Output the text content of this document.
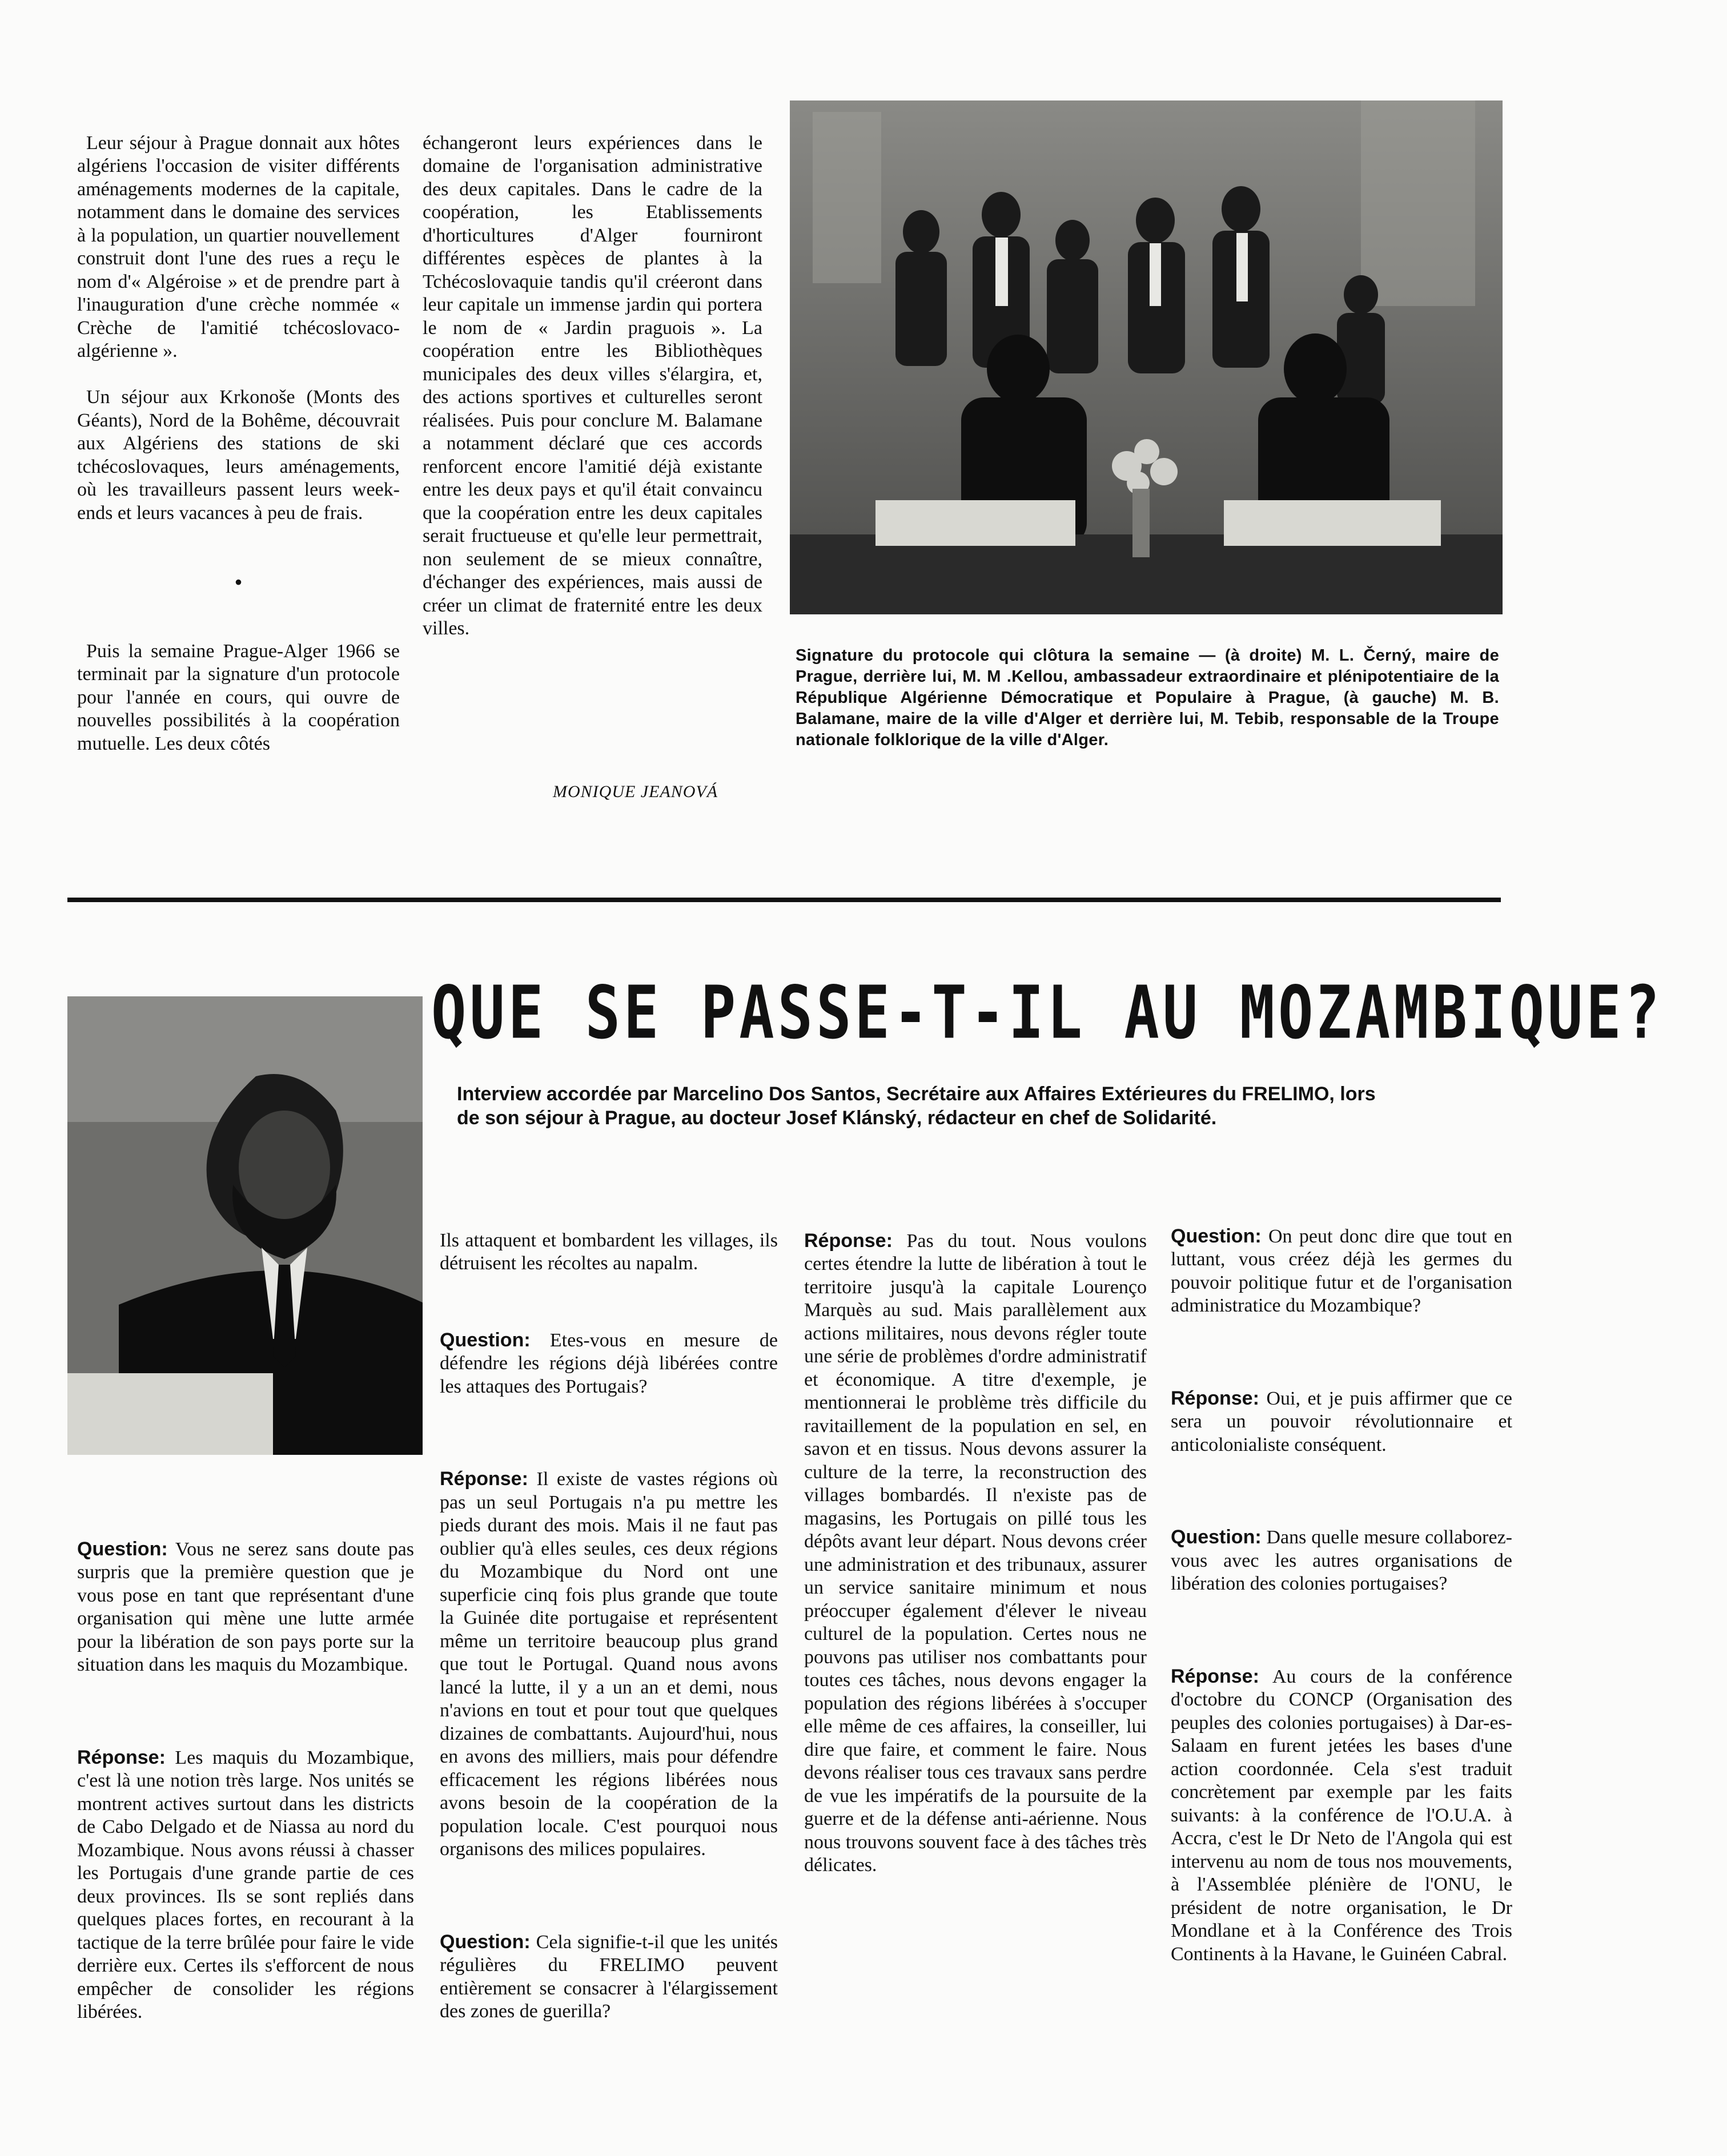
Leur séjour à Prague donnait aux hôtes algériens l'occasion de visiter différents aménagements modernes de la capitale, notamment dans le domaine des services à la population, un quartier nouvellement construit dont l'une des rues a reçu le nom d'« Algéroise » et de prendre part à l'inauguration d'une crèche nommée « Crèche de l'amitié tchécoslovaco-algérienne ».

Un séjour aux Krkonoše (Monts des Géants), Nord de la Bohême, découvrait aux Algériens des stations de ski tchécoslovaques, leurs aménagements, où les travailleurs passent leurs week-ends et leurs vacances à peu de frais.

•

Puis la semaine Prague-Alger 1966 se terminait par la signature d'un protocole pour l'année en cours, qui ouvre de nouvelles possibilités à la coopération mutuelle. Les deux côtés

échangeront leurs expériences dans le domaine de l'organisation administrative des deux capitales. Dans le cadre de la coopération, les Etablissements d'horticultures d'Alger fourniront différentes espèces de plantes à la Tchécoslovaquie tandis qu'il créeront dans leur capitale un immense jardin qui portera le nom de « Jardin praguois ». La coopération entre les Bibliothèques municipales des deux villes s'élargira, et, des actions sportives et culturelles seront réalisées. Puis pour conclure M. Balamane a notamment déclaré que ces accords renforcent encore l'amitié déjà existante entre les deux pays et qu'il était convaincu que la coopération entre les deux capitales serait fructueuse et qu'elle leur permettrait, non seulement de se mieux connaître, d'échanger des expériences, mais aussi de créer un climat de fraternité entre les deux villes.

MONIQUE JEANOVÁ
Signature du protocole qui clôtura la semaine — (à droite) M. L. Černý, maire de Prague, derrière lui, M. M .Kellou, ambassadeur extraordinaire et plénipotentiaire de la République Algérienne Démocratique et Populaire à Prague, (à gauche) M. B. Balamane, maire de la ville d'Alger et derrière lui, M. Tebib, responsable de la Troupe nationale folklorique de la ville d'Alger.
QUE SE PASSE-T-IL AU MOZAMBIQUE?
Interview accordée par Marcelino Dos Santos, Secrétaire aux Affaires Extérieures du FRELIMO, lors de son séjour à Prague, au docteur Josef Klánský, rédacteur en chef de Solidarité.

Question: Vous ne serez sans doute pas surpris que la première question que je vous pose en tant que représentant d'une organisation qui mène une lutte armée pour la libération de son pays porte sur la situation dans les maquis du Mozambique.

Réponse: Les maquis du Mozambique, c'est là une notion très large. Nos unités se montrent actives surtout dans les districts de Cabo Delgado et de Niassa au nord du Mozambique. Nous avons réussi à chasser les Portugais d'une grande partie de ces deux provinces. Ils se sont repliés dans quelques places fortes, en recourant à la tactique de la terre brûlée pour faire le vide derrière eux. Certes ils s'efforcent de nous empêcher de consolider les régions libérées.

Ils attaquent et bombardent les villages, ils détruisent les récoltes au napalm.

Question: Etes-vous en mesure de défendre les régions déjà libérées contre les attaques des Portugais?

Réponse: Il existe de vastes régions où pas un seul Portugais n'a pu mettre les pieds durant des mois. Mais il ne faut pas oublier qu'à elles seules, ces deux régions du Mozambique du Nord ont une superficie cinq fois plus grande que toute la Guinée dite portugaise et représentent même un territoire beaucoup plus grand que tout le Portugal. Quand nous avons lancé la lutte, il y a un an et demi, nous n'avions en tout et pour tout que quelques dizaines de combattants. Aujourd'hui, nous en avons des milliers, mais pour défendre efficacement les régions libérées nous avons besoin de la coopération de la population locale. C'est pourquoi nous organisons des milices populaires.

Question: Cela signifie-t-il que les unités régulières du FRELIMO peuvent entièrement se consacrer à l'élargissement des zones de guerilla?

Réponse: Pas du tout. Nous voulons certes étendre la lutte de libération à tout le territoire jusqu'à la capitale Lourenço Marquès au sud. Mais parallèlement aux actions militaires, nous devons régler toute une série de problèmes d'ordre administratif et économique. A titre d'exemple, je mentionnerai le problème très difficile du ravitaillement de la population en sel, en savon et en tissus. Nous devons assurer la culture de la terre, la reconstruction des villages bombardés. Il n'existe pas de magasins, les Portugais on pillé tous les dépôts avant leur départ. Nous devons créer une administration et des tribunaux, assurer un service sanitaire minimum et nous préoccuper également d'élever le niveau culturel de la population. Certes nous ne pouvons pas utiliser nos combattants pour toutes ces tâches, nous devons engager la population des régions libérées à s'occuper elle même de ces affaires, la conseiller, lui dire que faire, et comment le faire. Nous devons réaliser tous ces travaux sans perdre de vue les impératifs de la poursuite de la guerre et de la défense anti-aérienne. Nous nous trouvons souvent face à des tâches très délicates.

Question: On peut donc dire que tout en luttant, vous créez déjà les germes du pouvoir politique futur et de l'organisation administratice du Mozambique?

Réponse: Oui, et je puis affirmer que ce sera un pouvoir révolutionnaire et anticolonialiste conséquent.

Question: Dans quelle mesure collaborez-vous avec les autres organisations de libération des colonies portugaises?

Réponse: Au cours de la conférence d'octobre du CONCP (Organisation des peuples des colonies portugaises) à Dar-es-Salaam en furent jetées les bases d'une action coordonnée. Cela s'est traduit concrètement par exemple par les faits suivants: à la conférence de l'O.U.A. à Accra, c'est le Dr Neto de l'Angola qui est intervenu au nom de tous nos mouvements, à l'Assemblée plénière de l'ONU, le président de notre organisation, le Dr Mondlane et à la Conférence des Trois Continents à la Havane, le Guinéen Cabral.
